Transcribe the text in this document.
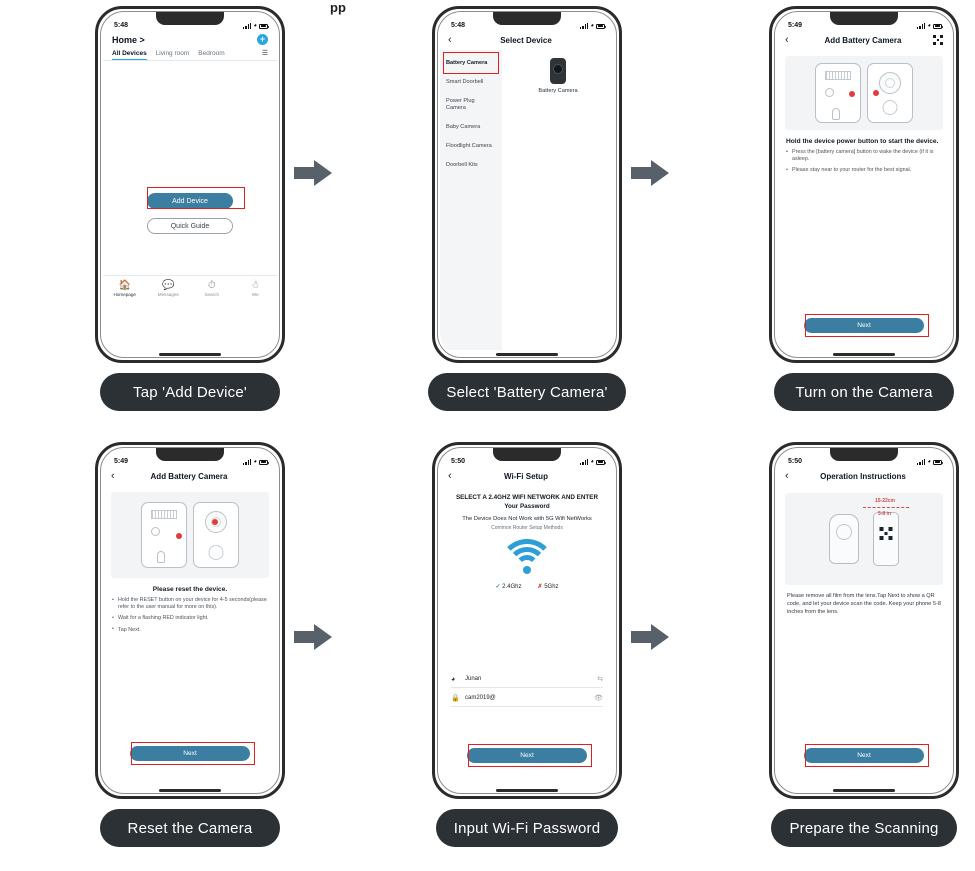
pp
5:48	◕
Home >	+
All Devices Living room Bedroom	☰
Add Device
Quick Guide
🏠
Homepage
💬
Messages
⏱
Search
☃
We
Tap 'Add Device'
5:48	◕
‹	Select Device
Battery Camera
Smart Doorbell
Power Plug Camera
Baby Camera
Floodlight Camera
Doorbell Kits
Battery Camera
Select 'Battery Camera'
5:49	◕
‹	Add Battery Camera
Hold the device power button to start the device.
• Press the [battery camera] button to wake the device (if it is asleep.
• Please stay near to your router for the best signal.
Next
Turn on the Camera
5:49	◕
‹	Add Battery Camera
Please reset the device.
• Hold the RESET button on your device for 4-5 seconds(please refer to the user manual for more on this).
• Wait for a flashing RED indicator light.
• Tap Next.
Next
Reset the Camera
5:50	◕
‹	Wi-Fi Setup
SELECT A 2.4GHZ WIFI NETWORK AND ENTER Your Password
The Device Does Not Work with 5G Wifi NetWorks
Common Router Setup Methods
✓ 2.4Ghz	✗ 5Ghz
◕	Junan	⇆
🔒 cam2019@	👁
Next
Input Wi-Fi Password
5:50	◕
‹	Operation Instructions
15-22cm
5-8 in
Please remove all film from the lens.Tap Next to show a QR code, and let your device scan the code. Keep your phone 5-8 inches from the lens.
Next
Prepare the Scanning
